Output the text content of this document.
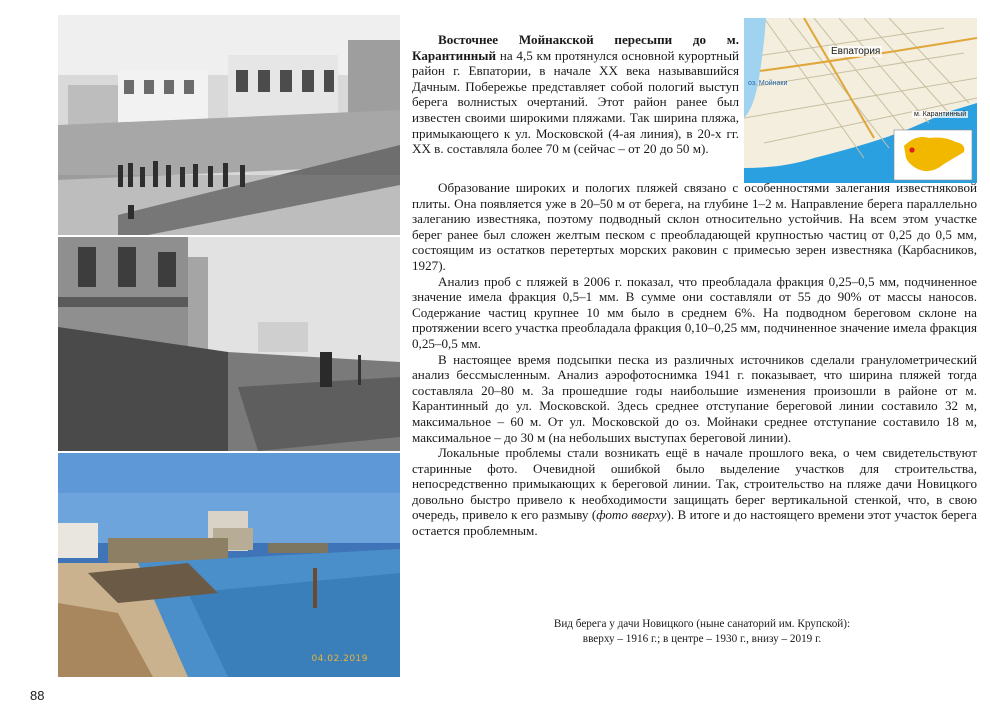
04.02.2019
Евпатория
оз. Мойнаки
м. Карантинный

Восточнее Мойнакской пересыпи до м. Карантинный на 4,5 км протянулся основной курортный район г. Евпатории, в начале XX века называвшийся Дачным. Побережье представляет собой пологий выступ берега волнистых очертаний. Этот район ранее был известен своими широкими пляжами. Так ширина пляжа, примыкающего к ул. Московской (4-ая линия), в 20-х гг. XX в. составляла более 70 м (сейчас – от 20 до 50 м).

Образование широких и пологих пляжей связано с особенностями залегания известняковой плиты. Она появляется уже в 20–50 м от берега, на глубине 1–2 м. Направление берега параллельно залеганию известняка, поэтому подводный склон относительно устойчив. На всем этом участке берег ранее был сложен желтым песком с преобладающей крупностью частиц от 0,25 до 0,5 мм, состоящим из остатков перетертых морских раковин с примесью зерен известняка (Карбасников, 1927).

Анализ проб с пляжей в 2006 г. показал, что преобладала фракция 0,25–0,5 мм, подчиненное значение имела фракция 0,5–1 мм. В сумме они составляли от 55 до 90% от массы наносов. Содержание частиц крупнее 10 мм было в среднем 6%. На подводном береговом склоне на протяжении всего участка преобладала фракция 0,10–0,25 мм, подчиненное значение имела фракция 0,25–0,5 мм.

В настоящее время подсыпки песка из различных источников сделали гранулометрический анализ бессмысленным. Анализ аэрофотоснимка 1941 г. показывает, что ширина пляжей тогда составляла 20–80 м. За прошедшие годы наибольшие изменения произошли в районе от м. Карантинный до ул. Московской. Здесь среднее отступание береговой линии составило 32 м, максимальное – 60 м. От ул. Московской до оз. Мойнаки среднее отступание составило 18 м, максимальное – до 30 м (на небольших выступах береговой линии).

Локальные проблемы стали возникать ещё в начале прошлого века, о чем свидетельствуют старинные фото. Очевидной ошибкой было выделение участков для строительства, непосредственно примыкающих к береговой линии. Так, строительство на пляже дачи Новицкого довольно быстро привело к необходимости защищать берег вертикальной стенкой, что, в свою очередь, привело к его размыву (фото вверху). В итоге и до настоящего времени этот участок берега остается проблемным.

Вид берега у дачи Новицкого (ныне санаторий им. Крупской):
вверху – 1916 г.; в центре – 1930 г., внизу – 2019 г.
88
